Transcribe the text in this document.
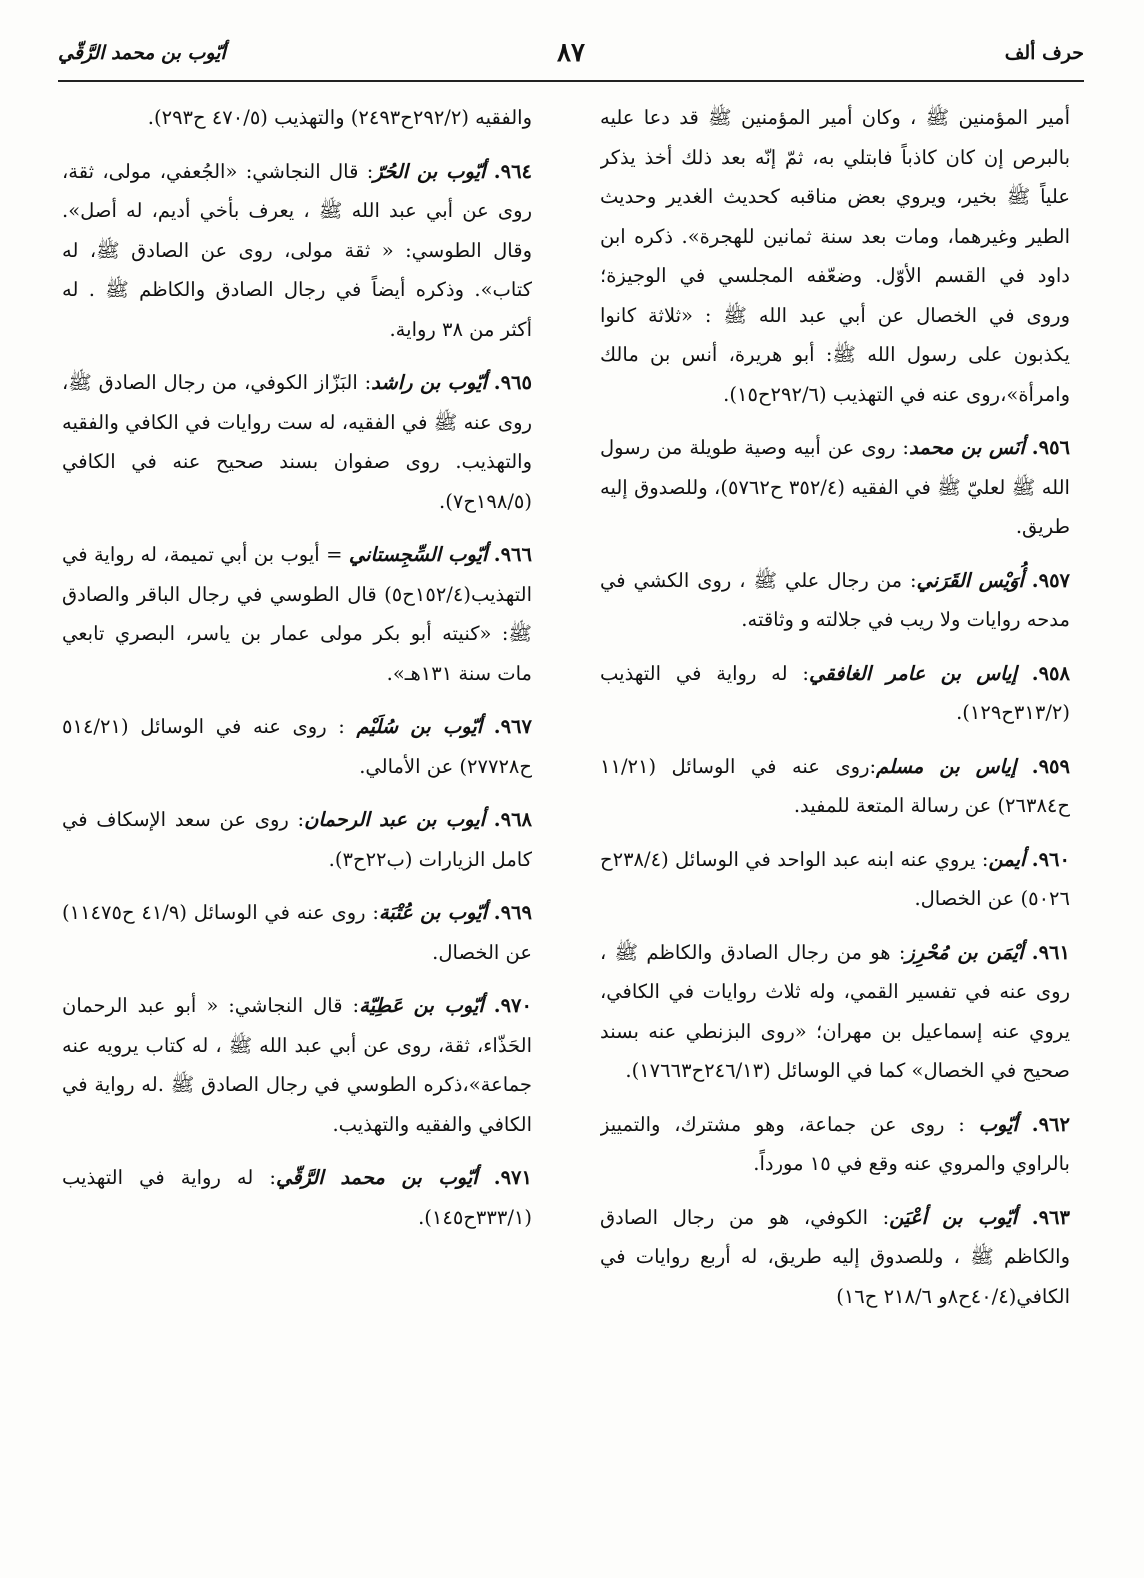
حرف ألف
٨٧
أيّوب بن محمد الرَّقّي

أمير المؤمنين ﷺ ، وكان أمير المؤمنين ﷺ قد دعا عليه بالبرص إن كان كاذباً فابتلي به، ثمّ إنّه بعد ذلك أخذ يذكر علياً ﷺ بخير، ويروي بعض مناقبه كحديث الغدير وحديث الطير وغيرهما، ومات بعد سنة ثمانين للهجرة». ذكره ابن داود في القسم الأوّل. وضعّفه المجلسي في الوجيزة؛ وروى في الخصال عن أبي عبد الله ﷺ : «ثلاثة كانوا يكذبون على رسول الله ﷺ: أبو هريرة، أنس بن مالك وامرأة»،روى عنه في التهذيب (٢٩٢/٦ح١٥).

٩٥٦. أنَس بن محمد: روى عن أبيه وصية طويلة من رسول الله ﷺ لعليّ ﷺ في الفقيه (٣٥٢/٤ ح٥٧٦٢)، وللصدوق إليه طريق.

٩٥٧. أُوَيْس القَرَني: من رجال علي ﷺ ، روى الكشي في مدحه روايات ولا ريب في جلالته و وثاقته.

٩٥٨. إياس بن عامر الغافقي: له رواية في التهذيب (٣١٣/٢ح١٢٩).

٩٥٩. إياس بن مسلم:روى عنه في الوسائل (١١/٢١ ح٢٦٣٨٤) عن رسالة المتعة للمفيد.

٩٦٠. أيمن: يروي عنه ابنه عبد الواحد في الوسائل (٢٣٨/٤ح ٥٠٢٦) عن الخصال.

٩٦١. أيْمَن بن مُحْرِز: هو من رجال الصادق والكاظم ﷺ ، روى عنه في تفسير القمي، وله ثلاث روايات في الكافي، يروي عنه إسماعيل بن مهران؛ «روى البزنطي عنه بسند صحيح في الخصال» كما في الوسائل (٢٤٦/١٣ح١٧٦٦٣).

٩٦٢. أيّوب : روى عن جماعة، وهو مشترك، والتمييز بالراوي والمروي عنه وقع في ١٥ مورداً.

٩٦٣. أيّوب بن أعْيَن: الكوفي، هو من رجال الصادق والكاظم ﷺ ، وللصدوق إليه طريق، له أربع روايات في الكافي(٤٠/٤ح٨و ٢١٨/٦ ح١٦)

والفقيه (٢٩٢/٢ح٢٤٩٣) والتهذيب (٤٧٠/٥ ح٢٩٣).

٩٦٤. أيّوب بن الحُرّ: قال النجاشي: «الجُعفي، مولى، ثقة، روى عن أبي عبد الله ﷺ ، يعرف بأخي أديم، له أصل». وقال الطوسي: « ثقة مولى، روى عن الصادق ﷺ، له كتاب». وذكره أيضاً في رجال الصادق والكاظم ﷺ . له أكثر من ٣٨ رواية.

٩٦٥. أيّوب بن راشد: البَزّاز الكوفي، من رجال الصادق ﷺ، روى عنه ﷺ في الفقيه، له ست روايات في الكافي والفقيه والتهذيب. روى صفوان بسند صحيح عنه في الكافي (١٩٨/٥ح٧).

٩٦٦. أيّوب السِّجِستاني = أيوب بن أبي تميمة، له رواية في التهذيب(١٥٢/٤ح٥) قال الطوسي في رجال الباقر والصادق ﷺ: «كنيته أبو بكر مولى عمار بن ياسر، البصري تابعي مات سنة ١٣١هـ».

٩٦٧. أيّوب بن سُلَيْم : روى عنه في الوسائل (٥١٤/٢١ ح٢٧٧٢٨) عن الأمالي.

٩٦٨. أيوب بن عبد الرحمان: روى عن سعد الإسكاف في كامل الزيارات (ب٢٢ح٣).

٩٦٩. أيّوب بن عُتْبَة: روى عنه في الوسائل (٤١/٩ ح١١٤٧٥) عن الخصال.

٩٧٠. أيّوب بن عَطِيّة: قال النجاشي: « أبو عبد الرحمان الحَذّاء، ثقة، روى عن أبي عبد الله ﷺ ، له كتاب يرويه عنه جماعة»،ذكره الطوسي في رجال الصادق ﷺ .له رواية في الكافي والفقيه والتهذيب.

٩٧١. أيّوب بن محمد الرَّقّي: له رواية في التهذيب (٣٣٣/١ح١٤٥).
